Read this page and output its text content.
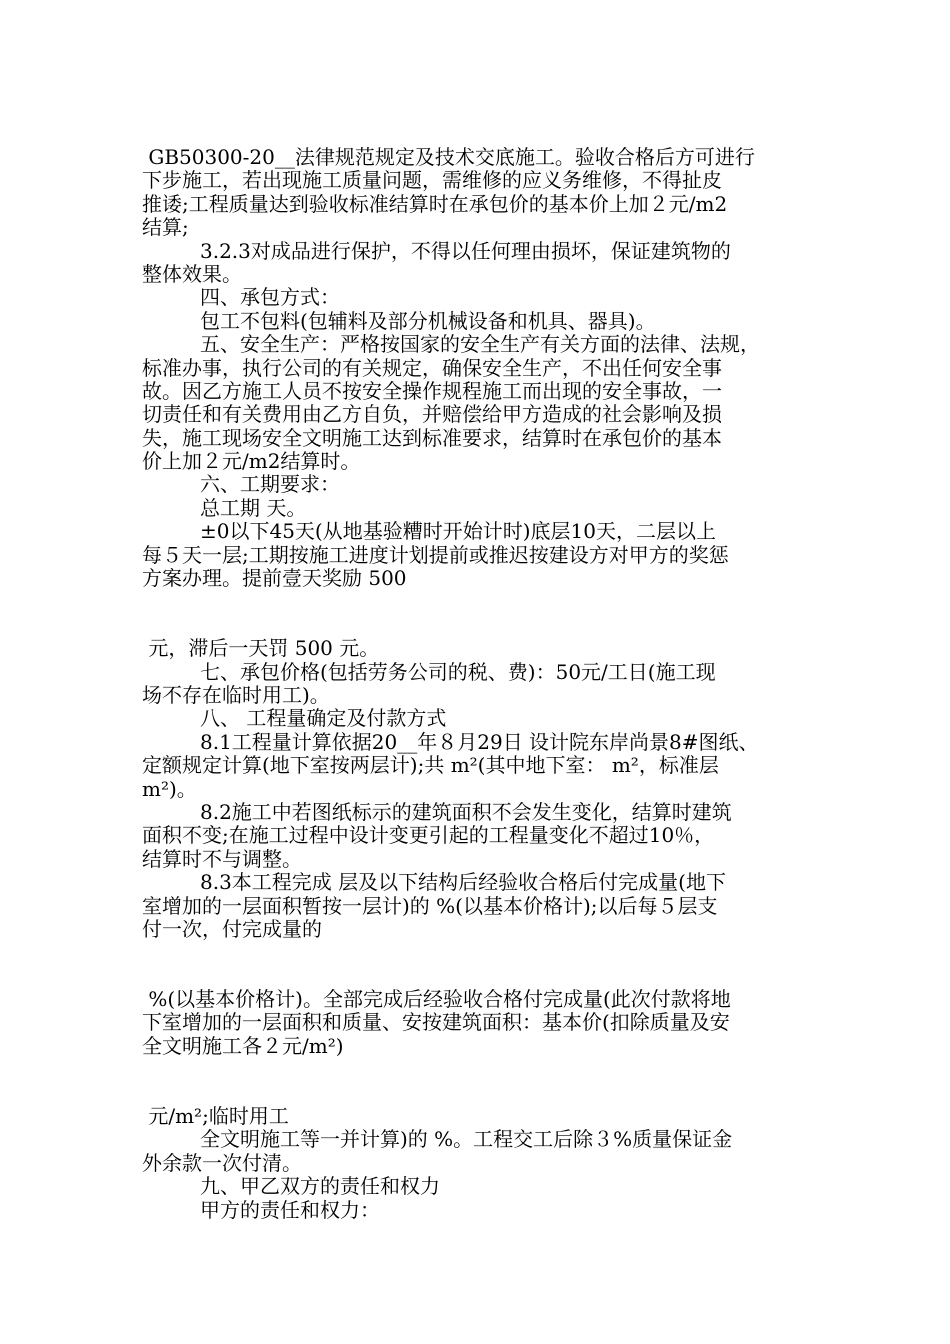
GB50300-20__法律规范规定及技术交底施工。验收合格后方可进行
下步施工，若出现施工质量问题，需维修的应义务维修，不得扯皮
推诿;工程质量达到验收标准结算时在承包价的基本价上加２元/m2
结算;
3.2.3对成品进行保护，不得以任何理由损坏，保证建筑物的
整体效果。
四、承包方式：
包工不包料(包辅料及部分机械设备和机具、器具)。
五、安全生产：严格按国家的安全生产有关方面的法律、法规，
标准办事，执行公司的有关规定，确保安全生产，不出任何安全事
故。因乙方施工人员不按安全操作规程施工而出现的安全事故，一
切责任和有关费用由乙方自负，并赔偿给甲方造成的社会影响及损
失，施工现场安全文明施工达到标准要求，结算时在承包价的基本
价上加２元/m2结算时。
六、工期要求：
总工期 天。
±0以下45天(从地基验糟时开始计时)底层10天，二层以上
每５天一层;工期按施工进度计划提前或推迟按建设方对甲方的奖惩
方案办理。提前壹天奖励 500
元，滞后一天罚 500 元。
七、承包价格(包括劳务公司的税、费)：50元/工日(施工现
场不存在临时用工)。
八、 工程量确定及付款方式
8.1工程量计算依据20__年８月29日 设计院东岸尚景8#图纸、
定额规定计算(地下室按两层计);共 m²(其中地下室： m²，标准层
m²)。
8.2施工中若图纸标示的建筑面积不会发生变化，结算时建筑
面积不变;在施工过程中设计变更引起的工程量变化不超过10％，
结算时不与调整。
8.3本工程完成 层及以下结构后经验收合格后付完成量(地下
室增加的一层面积暂按一层计)的 %(以基本价格计);以后每５层支
付一次，付完成量的
%(以基本价格计)。全部完成后经验收合格付完成量(此次付款将地
下室增加的一层面积和质量、安按建筑面积：基本价(扣除质量及安
全文明施工各２元/m²)
元/m²;临时用工
全文明施工等一并计算)的 %。工程交工后除３%质量保证金
外余款一次付清。
九、甲乙双方的责任和权力
甲方的责任和权力：
